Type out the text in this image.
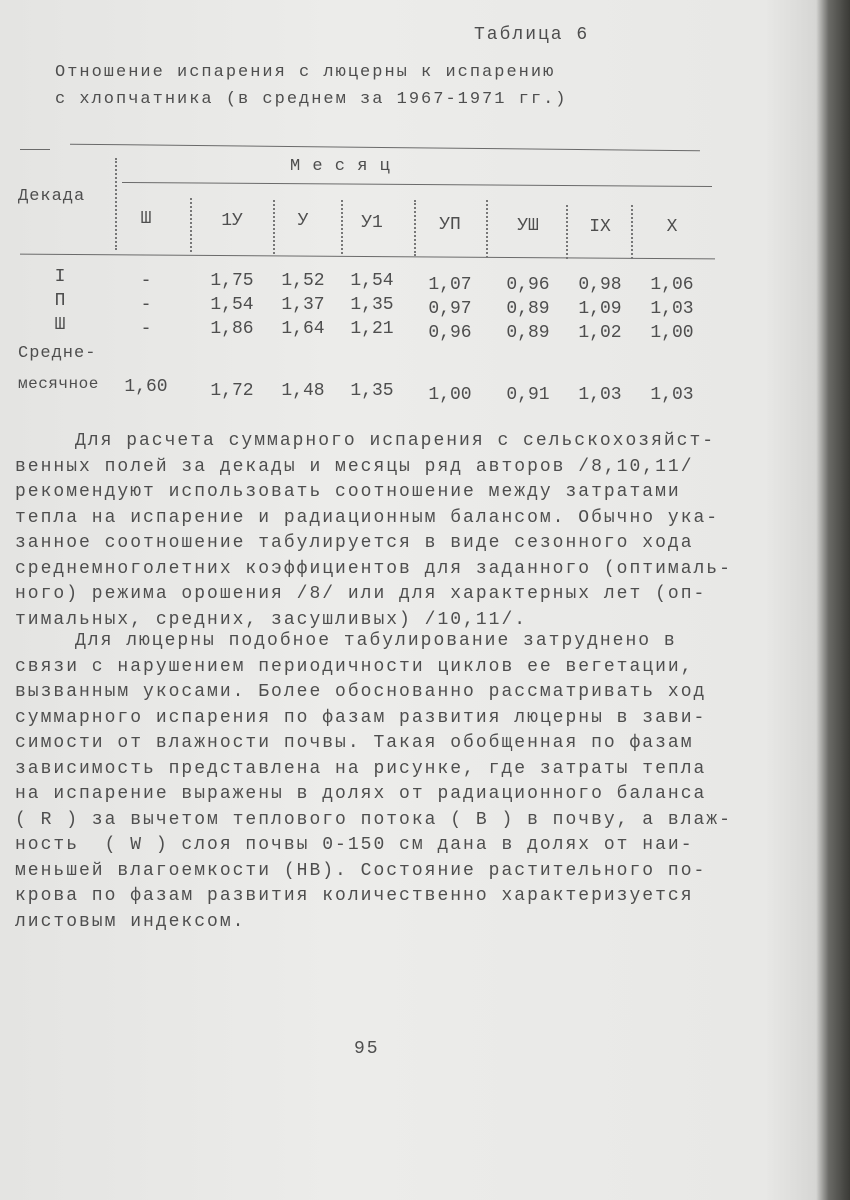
Таблица 6
Отношение испарения с люцерны к испарению
с хлопчатника (в среднем за 1967-1971 гг.)
Декада
М е с я ц
Ш	1У	У	У1	УП	УШ	IX	X
I	-	1,75 1,52 1,54 1,07 0,96 0,98 1,06
П	-	1,54 1,37 1,35 0,97 0,89 1,09 1,03
Ш	-	1,86 1,64 1,21 0,96 0,89 1,02 1,00
Средне-
месячное 1,60 1,72 1,48 1,35 1,00 0,91 1,03 1,03
Для расчета суммарного испарения с сельскохозяйст-
венных полей за декады и месяцы ряд авторов /8,10,11/
рекомендуют использовать соотношение между затратами
тепла на испарение и радиационным балансом. Обычно ука-
занное соотношение табулируется в виде сезонного хода
среднемноголетних коэффициентов для заданного (оптималь-
ного) режима орошения /8/ или для характерных лет (оп-
тимальных, средних, засушливых) /10,11/.
Для люцерны подобное табулирование затруднено в
связи с нарушением периодичности циклов ее вегетации,
вызванным укосами. Более обоснованно рассматривать ход
суммарного испарения по фазам развития люцерны в зави-
симости от влажности почвы. Такая обобщенная по фазам
зависимость представлена на рисунке, где затраты тепла
на испарение выражены в долях от радиационного баланса
( R ) за вычетом теплового потока ( B ) в почву, а влаж-
ность  ( W ) слоя почвы 0-150 см дана в долях от наи-
меньшей влагоемкости (НВ). Состояние растительного по-
крова по фазам развития количественно характеризуется
листовым индексом.
95
